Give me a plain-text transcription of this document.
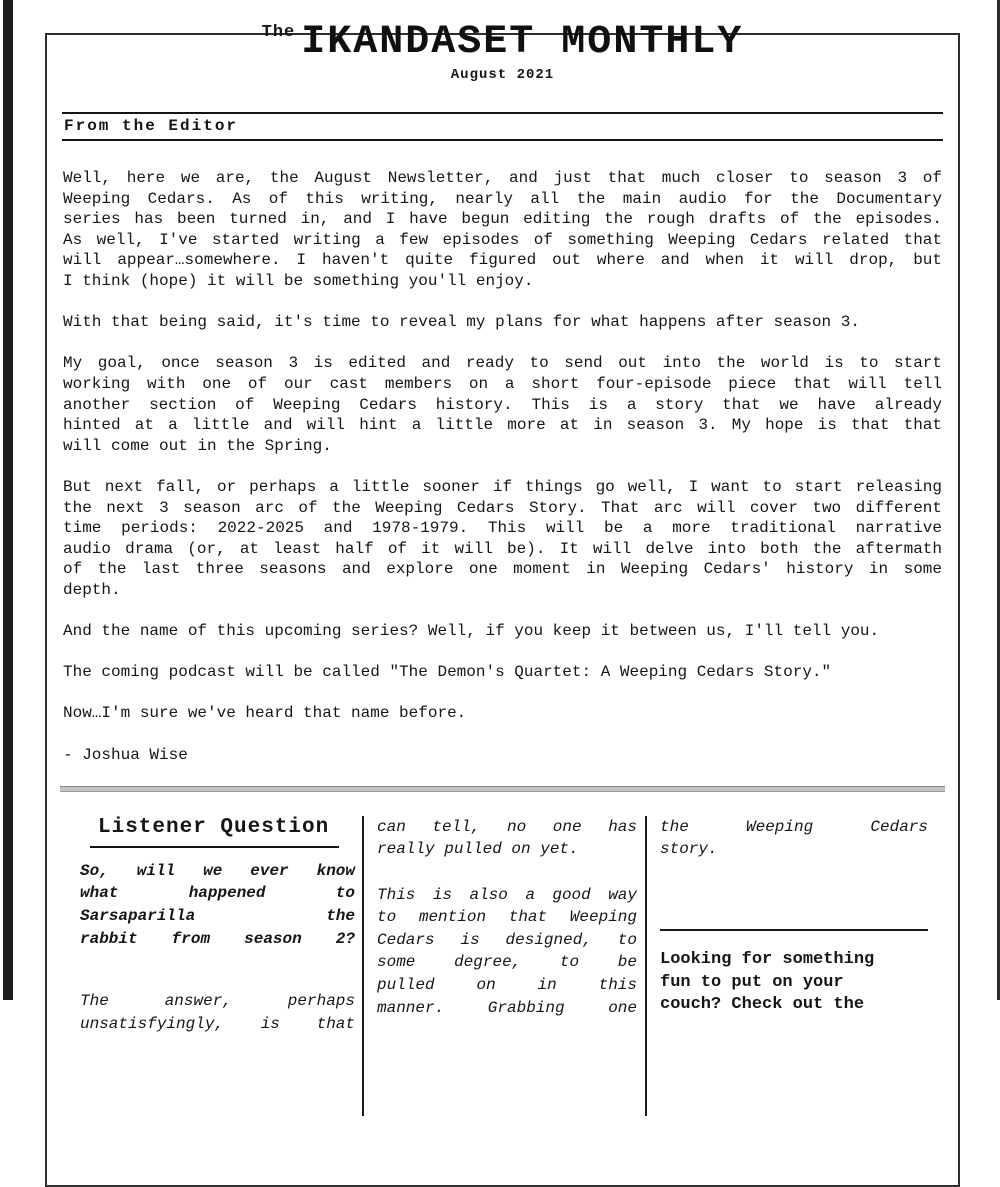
The IKANDASET MONTHLY
August 2021
From the Editor
Well, here we are, the August Newsletter, and just that much closer to season 3 of
Weeping Cedars. As of this writing, nearly all the main audio for the Documentary
series has been turned in, and I have begun editing the rough drafts of the episodes.
As well, I've started writing a few episodes of something Weeping Cedars related that
will appear…somewhere. I haven't quite figured out where and when it will drop, but
I think (hope) it will be something you'll enjoy.
With that being said, it's time to reveal my plans for what happens after season 3.
My goal, once season 3 is edited and ready to send out into the world is to start
working with one of our cast members on a short four-episode piece that will tell
another section of Weeping Cedars history. This is a story that we have already
hinted at a little and will hint a little more at in season 3. My hope is that that
will come out in the Spring.
But next fall, or perhaps a little sooner if things go well, I want to start releasing
the next 3 season arc of the Weeping Cedars Story. That arc will cover two different
time periods: 2022-2025 and 1978-1979. This will be a more traditional narrative
audio drama (or, at least half of it will be). It will delve into both the aftermath
of the last three seasons and explore one moment in Weeping Cedars' history in some
depth.
And the name of this upcoming series? Well, if you keep it between us, I'll tell you.
The coming podcast will be called "The Demon's Quartet: A Weeping Cedars Story."
Now…I'm sure we've heard that name before.
- Joshua Wise
Listener Question
So, will we ever know
what happened to
Sarsaparilla the
rabbit from season 2?
The answer, perhaps
unsatisfyingly, is that
can tell, no one has
really pulled on yet.
This is also a good way
to mention that Weeping
Cedars is designed, to
some degree, to be
pulled on in this
manner. Grabbing one
the Weeping Cedars
story.
Looking for something
fun to put on your
couch? Check out the
